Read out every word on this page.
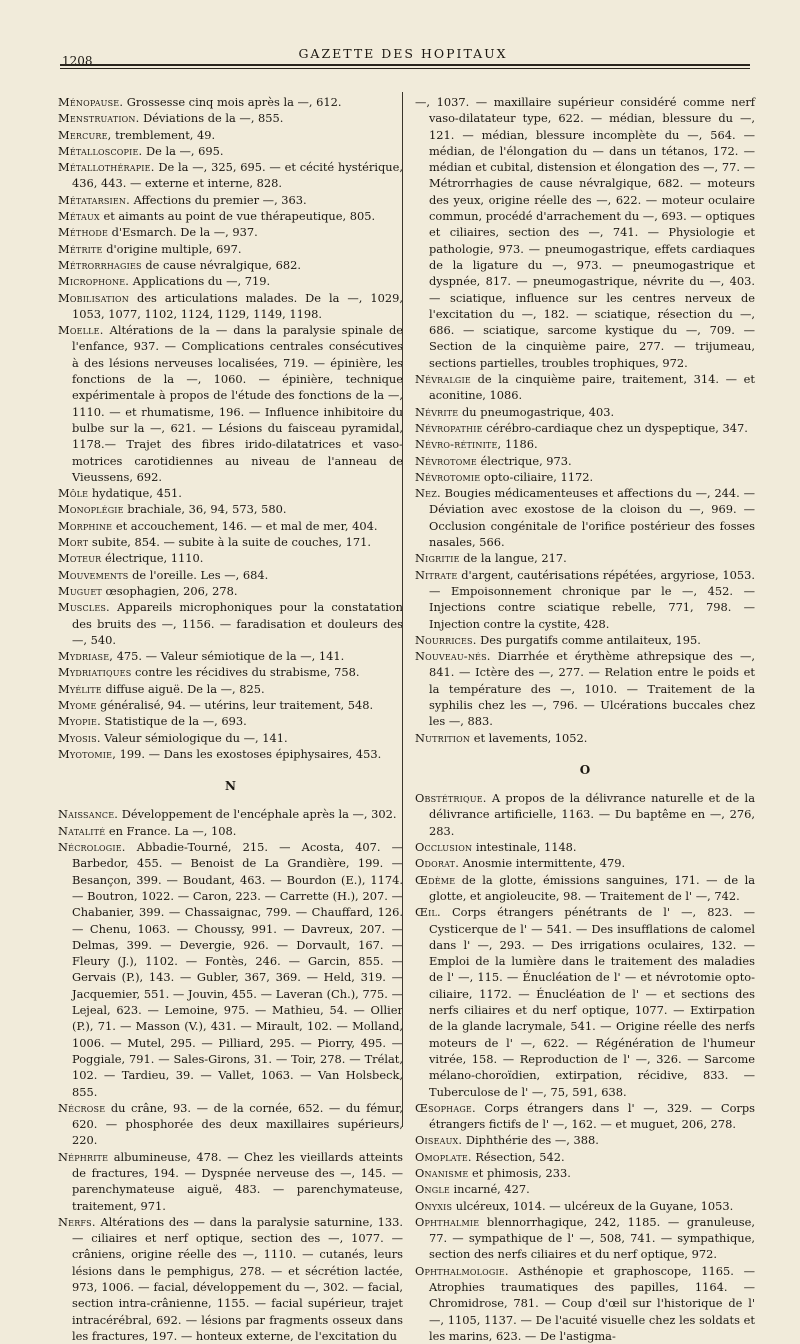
1208	GAZETTE DES HOPITAUX

Ménopause. Grossesse cinq mois après la —, 612.

Menstruation. Déviations de la —, 855.

Mercure, tremblement, 49.

Métalloscopie. De la —, 695.

Métallothérapie. De la —, 325, 695. — et cécité hystérique, 436, 443. — externe et interne, 828.

Métatarsien. Affections du premier —, 363.

Métaux et aimants au point de vue thérapeutique, 805.

Méthode d'Esmarch. De la —, 937.

Métrite d'origine multiple, 697.

Métrorrhagies de cause névralgique, 682.

Microphone. Applications du —, 719.

Mobilisation des articulations malades. De la —, 1029, 1053, 1077, 1102, 1124, 1129, 1149, 1198.

Moelle. Altérations de la — dans la paralysie spinale de l'enfance, 937. — Complications centrales consécutives à des lésions nerveuses localisées, 719. — épinière, les fonctions de la —, 1060. — épinière, technique expérimentale à propos de l'étude des fonctions de la —, 1110. — et rhumatisme, 196. — Influence inhibitoire du bulbe sur la —, 621. — Lésions du faisceau pyramidal, 1178.— Trajet des fibres irido-dilatatrices et vaso-motrices carotidiennes au niveau de l'anneau de Vieussens, 692.

Môle hydatique, 451.

Monoplégie brachiale, 36, 94, 573, 580.

Morphine et accouchement, 146. — et mal de mer, 404.

Mort subite, 854. — subite à la suite de couches, 171.

Moteur électrique, 1110.

Mouvements de l'oreille. Les —, 684.

Muguet œsophagien, 206, 278.

Muscles. Appareils microphoniques pour la constatation des bruits des —, 1156. — faradisation et douleurs des —, 540.

Mydriase, 475. — Valeur sémiotique de la —, 141.

Mydriatiques contre les récidives du strabisme, 758.

Myélite diffuse aiguë. De la —, 825.

Myome généralisé, 94. — utérins, leur traitement, 548.

Myopie. Statistique de la —, 693.

Myosis. Valeur sémiologique du —, 141.

Myotomie, 199. — Dans les exostoses épiphysaires, 453.

N

Naissance. Développement de l'encéphale après la —, 302.

Natalité en France. La —, 108.

Nécrologie. Abbadie-Tourné, 215. — Acosta, 407. — Barbedor, 455. — Benoist de La Grandière, 199. — Besançon, 399. — Boudant, 463. — Bourdon (E.), 1174. — Boutron, 1022. — Caron, 223. — Carrette (H.), 207. — Chabanier, 399. — Chassaignac, 799. — Chauffard, 126. — Chenu, 1063. — Choussy, 991. — Davreux, 207. — Delmas, 399. — Devergie, 926. — Dorvault, 167. — Fleury (J.), 1102. — Fontès, 246. — Garcin, 855. — Gervais (P.), 143. — Gubler, 367, 369. — Held, 319. — Jacquemier, 551. — Jouvin, 455. — Laveran (Ch.), 775. — Lejeal, 623. — Lemoine, 975. — Mathieu, 54. — Ollier (P.), 71. — Masson (V.), 431. — Mirault, 102. — Molland, 1006. — Mutel, 295. — Pilliard, 295. — Piorry, 495. — Poggiale, 791. — Sales-Girons, 31. — Toir, 278. — Trélat, 102. — Tardieu, 39. — Vallet, 1063. — Van Holsbeck, 855.

Nécrose du crâne, 93. — de la cornée, 652. — du fémur, 620. — phosphorée des deux maxillaires supérieurs, 220.

Néphrite albumineuse, 478. — Chez les vieillards atteints de fractures, 194. — Dyspnée nerveuse des —, 145. — parenchymateuse aiguë, 483. — parenchymateuse, traitement, 971.

Nerfs. Altérations des — dans la paralysie saturnine, 133. — ciliaires et nerf optique, section des —, 1077. — crâniens, origine réelle des —, 1110. — cutanés, leurs lésions dans le pemphigus, 278. — et sécrétion lactée, 973, 1006. — facial, développement du —, 302. — facial, section intra-crânienne, 1155. — facial supérieur, trajet intracérébral, 692. — lésions par fragments osseux dans les fractures, 197. — honteux externe, de l'excitation du

—, 1037. — maxillaire supérieur considéré comme nerf vaso-dilatateur type, 622. — médian, blessure du —, 121. — médian, blessure incomplète du —, 564. — médian, de l'élongation du — dans un tétanos, 172. — médian et cubital, distension et élongation des —, 77. — Métrorrhagies de cause névralgique, 682. — moteurs des yeux, origine réelle des —, 622. — moteur oculaire commun, procédé d'arrachement du —, 693. — optiques et ciliaires, section des —, 741. — Physiologie et pathologie, 973. — pneumogastrique, effets cardiaques de la ligature du —, 973. — pneumogastrique et dyspnée, 817. — pneumogastrique, névrite du —, 403. — sciatique, influence sur les centres nerveux de l'excitation du —, 182. — sciatique, résection du —, 686. — sciatique, sarcome kystique du —, 709. — Section de la cinquième paire, 277. — trijumeau, sections partielles, troubles trophiques, 972.

Névralgie de la cinquième paire, traitement, 314. — et aconitine, 1086.

Névrite du pneumogastrique, 403.

Névropathie cérébro-cardiaque chez un dyspeptique, 347.

Névro-rétinite, 1186.

Névrotome électrique, 973.

Névrotomie opto-ciliaire, 1172.

Nez. Bougies médicamenteuses et affections du —, 244. — Déviation avec exostose de la cloison du —, 969. — Occlusion congénitale de l'orifice postérieur des fosses nasales, 566.

Nigritie de la langue, 217.

Nitrate d'argent, cautérisations répétées, argyriose, 1053. — Empoisonnement chronique par le —, 452. — Injections contre sciatique rebelle, 771, 798. — Injection contre la cystite, 428.

Nourrices. Des purgatifs comme antilaiteux, 195.

Nouveau-nés. Diarrhée et érythème athrepsique des —, 841. — Ictère des —, 277. — Relation entre le poids et la température des —, 1010. — Traitement de la syphilis chez les —, 796. — Ulcérations buccales chez les —, 883.

Nutrition et lavements, 1052.

O

Obstétrique. A propos de la délivrance naturelle et de la délivrance artificielle, 1163. — Du baptême en —, 276, 283.

Occlusion intestinale, 1148.

Odorat. Anosmie intermittente, 479.

Œdème de la glotte, émissions sanguines, 171. — de la glotte, et angioleucite, 98. — Traitement de l' —, 742.

Œil. Corps étrangers pénétrants de l' —, 823. — Cysticerque de l' — 541. — Des insufflations de calomel dans l' —, 293. — Des irrigations oculaires, 132. — Emploi de la lumière dans le traitement des maladies de l' —, 115. — Énucléation de l' — et névrotomie opto-ciliaire, 1172. — Énucléation de l' — et sections des nerfs ciliaires et du nerf optique, 1077. — Extirpation de la glande lacrymale, 541. — Origine réelle des nerfs moteurs de l' —, 622. — Régénération de l'humeur vitrée, 158. — Reproduction de l' —, 326. — Sarcome mélano-choroïdien, extirpation, récidive, 833. — Tuberculose de l' —, 75, 591, 638.

Œsophage. Corps étrangers dans l' —, 329. — Corps étrangers fictifs de l' —, 162. — et muguet, 206, 278.

Oiseaux. Diphthérie des —, 388.

Omoplate. Résection, 542.

Onanisme et phimosis, 233.

Ongle incarné, 427.

Onyxis ulcéreux, 1014. — ulcéreux de la Guyane, 1053.

Ophthalmie blennorrhagique, 242, 1185. — granuleuse, 77. — sympathique de l' —, 508, 741. — sympathique, section des nerfs ciliaires et du nerf optique, 972.

Ophthalmologie. Asthénopie et graphoscope, 1165. — Atrophies traumatiques des papilles, 1164. — Chromidrose, 781. — Coup d'œil sur l'historique de l' —, 1105, 1137. — De l'acuité visuelle chez les soldats et les marins, 623. — De l'astigma-
